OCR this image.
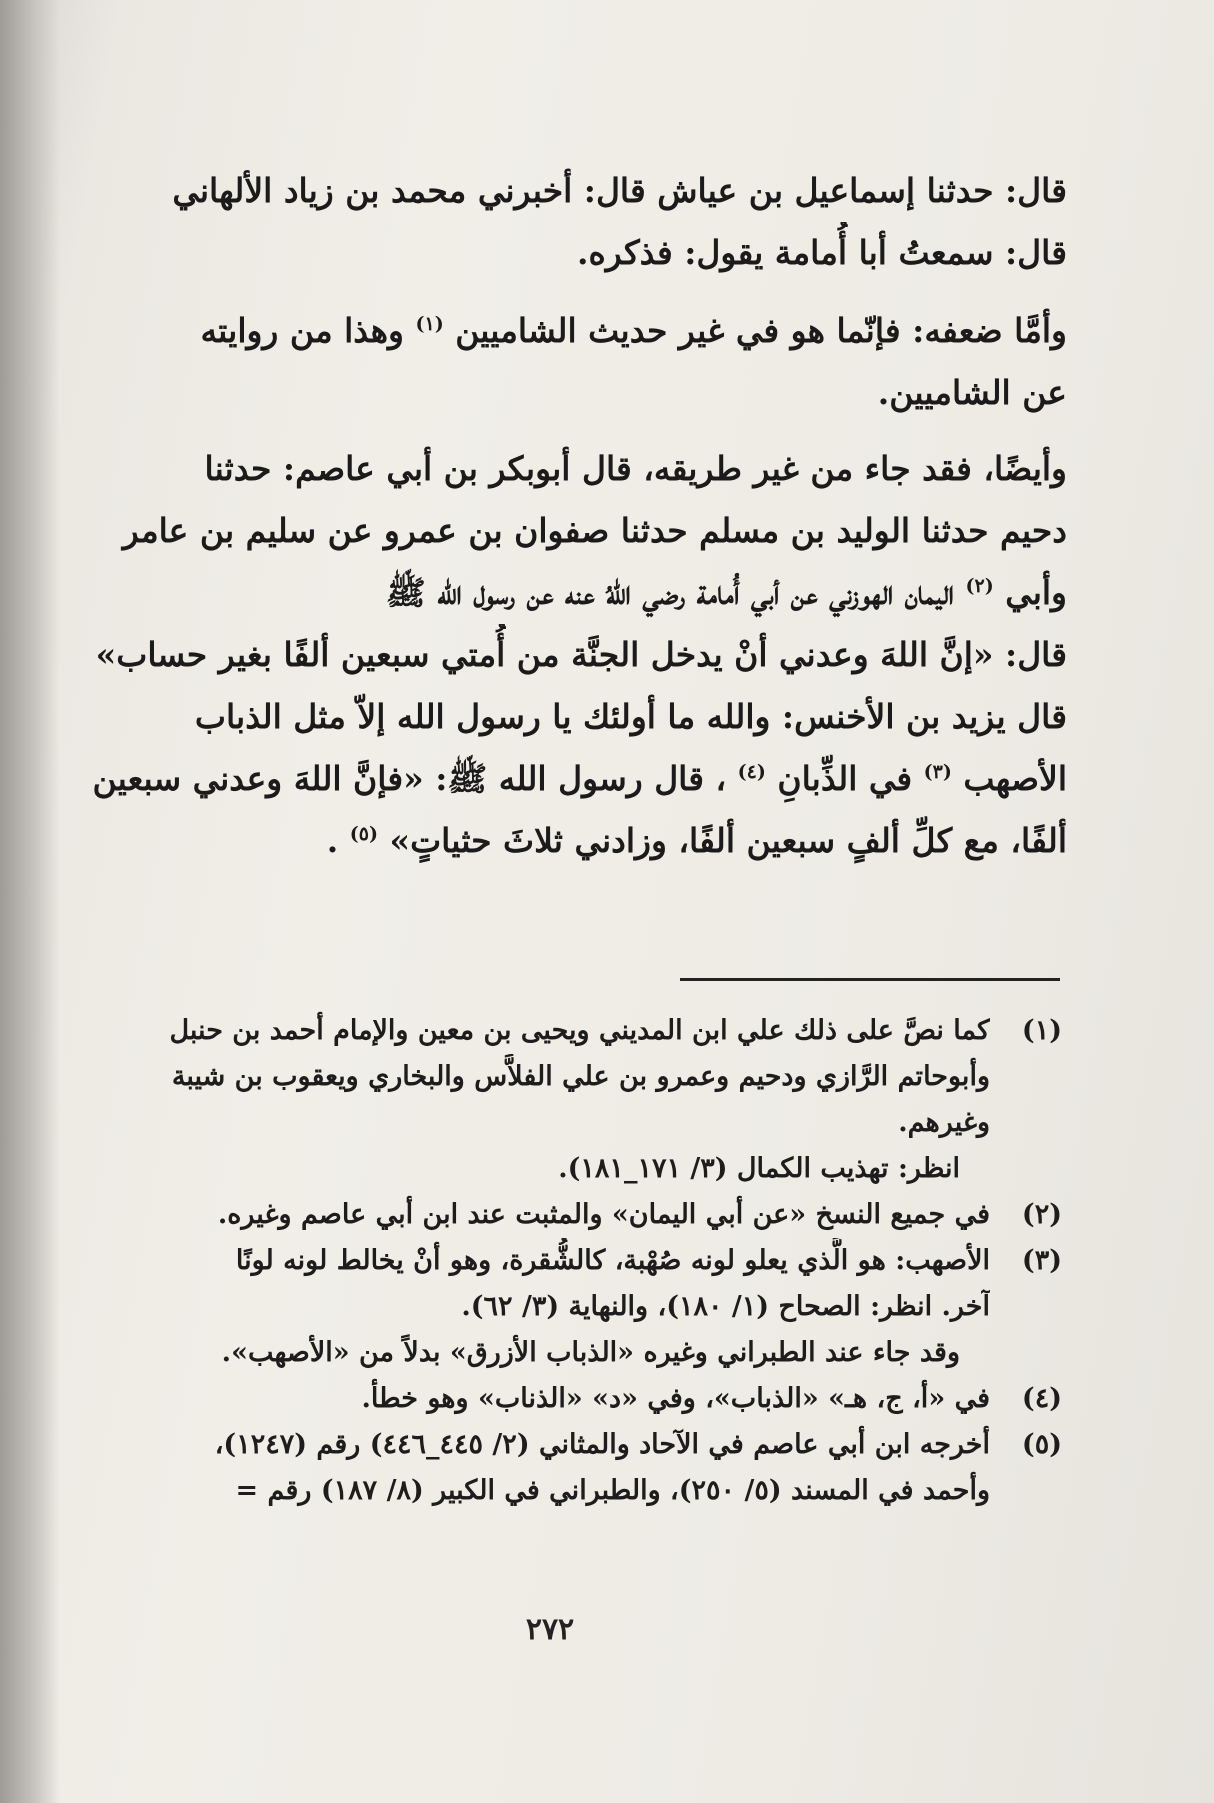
قال: حدثنا إسماعيل بن عياش قال: أخبرني محمد بن زياد الألهاني
قال: سمعتُ أبا أُمامة يقول: فذكره.
وأمَّا ضعفه: فإنّما هو في غير حديث الشاميين $^{(١)}$ وهذا من روايته
عن الشاميين.
وأيضًا، فقد جاء من غير طريقه، قال أبوبكر بن أبي عاصم: حدثنا
دحيم حدثنا الوليد بن مسلم حدثنا صفوان بن عمرو عن سليم بن عامر
وأبي $^{(٢)}$ اليمان الهوزني عن أبي أُمامة رضي اللهُ عنه عن رسول الله ﷺ
قال: «إنَّ اللهَ وعدني أنْ يدخل الجنَّة من أُمتي سبعين ألفًا بغير حساب»
قال يزيد بن الأخنس: والله ما أولئك يا رسول الله إلاّ مثل الذباب
الأصهب $^{(٣)}$ في الذِّبانِ $^{(٤)}$ ، قال رسول الله ﷺ: «فإنَّ اللهَ وعدني سبعين
ألفًا، مع كلِّ ألفٍ سبعين ألفًا، وزادني ثلاثَ حثياتٍ» $^{(٥)}$ .
(١)
كما نصَّ على ذلك علي ابن المديني ويحيى بن معين والإمام أحمد بن حنبل
وأبوحاتم الرَّازي ودحيم وعمرو بن علي الفلاَّس والبخاري ويعقوب بن شيبة
وغيرهم.
انظر: تهذيب الكمال (٣/ ١٧١_١٨١).
(٢)
في جميع النسخ «عن أبي اليمان» والمثبت عند ابن أبي عاصم وغيره.
(٣)
الأصهب: هو الَّذي يعلو لونه صُهْبة، كالشُّقرة، وهو أنْ يخالط لونه لونًا
آخر. انظر: الصحاح (١/ ١٨٠)، والنهاية (٣/ ٦٢).
وقد جاء عند الطبراني وغيره «الذباب الأزرق» بدلاً من «الأصهب».
(٤)
في «أ، ج، هـ» «الذباب»، وفي «د» «الذناب» وهو خطأ.
(٥)
أخرجه ابن أبي عاصم في الآحاد والمثاني (٢/ ٤٤٥_٤٤٦) رقم (١٢٤٧)،
وأحمد في المسند (٥/ ٢٥٠)، والطبراني في الكبير (٨/ ١٨٧) رقم =
٢٧٢
